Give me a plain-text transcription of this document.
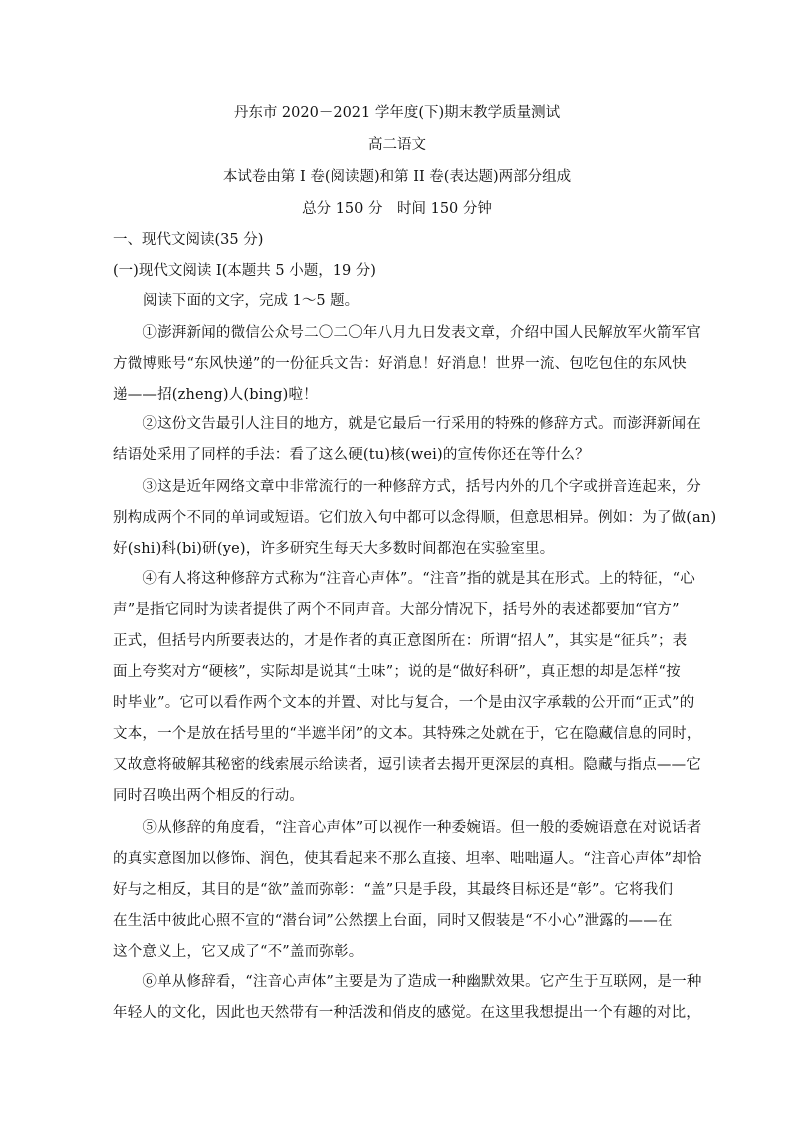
丹东市 2020－2021 学年度(下)期末教学质量测试
高二语文
本试卷由第 I 卷(阅读题)和第 II 卷(表达题)两部分组成
总分 150 分　时间 150 分钟
一、现代文阅读(35 分)
(一)现代文阅读 I(本题共 5 小题，19 分)
阅读下面的文字，完成 1～5 题。
　　①澎湃新闻的微信公众号二〇二〇年八月九日发表文章，介绍中国人民解放军火箭军官
方微博账号“东风快递”的一份征兵文告：好消息！好消息！世界一流、包吃包住的东风快
递——招(zheng)人(bing)啦！
　　②这份文告最引人注目的地方，就是它最后一行采用的特殊的修辞方式。而澎湃新闻在
结语处采用了同样的手法：看了这么硬(tu)核(wei)的宣传你还在等什么？
　　③这是近年网络文章中非常流行的一种修辞方式，括号内外的几个字或拼音连起来，分
别构成两个不同的单词或短语。它们放入句中都可以念得顺，但意思相异。例如：为了做(an)
好(shi)科(bi)研(ye)，许多研究生每天大多数时间都泡在实验室里。
　　④有人将这种修辞方式称为“注音心声体”。“注音”指的就是其在形式。上的特征，“心
声”是指它同时为读者提供了两个不同声音。大部分情况下，括号外的表述都要加“官方”
正式，但括号内所要表达的，才是作者的真正意图所在：所谓“招人”，其实是“征兵”；表
面上夸奖对方“硬核”，实际却是说其“土味”；说的是“做好科研”，真正想的却是怎样“按
时毕业”。它可以看作两个文本的并置、对比与复合，一个是由汉字承载的公开而“正式”的
文本，一个是放在括号里的“半遮半闭”的文本。其特殊之处就在于，它在隐藏信息的同时，
又故意将破解其秘密的线索展示给读者，逗引读者去揭开更深层的真相。隐藏与指点——它
同时召唤出两个相反的行动。
　　⑤从修辞的角度看，“注音心声体”可以视作一种委婉语。但一般的委婉语意在对说话者
的真实意图加以修饰、润色，使其看起来不那么直接、坦率、咄咄逼人。“注音心声体”却恰
好与之相反，其目的是“欲”盖而弥彰：“盖”只是手段，其最终目标还是“彰”。它将我们
在生活中彼此心照不宣的“潜台词”公然摆上台面，同时又假装是“不小心”泄露的——在
这个意义上，它又成了“不”盖而弥彰。
　　⑥单从修辞看，“注音心声体”主要是为了造成一种幽默效果。它产生于互联网，是一种
年轻人的文化，因此也天然带有一种活泼和俏皮的感觉。在这里我想提出一个有趣的对比，
